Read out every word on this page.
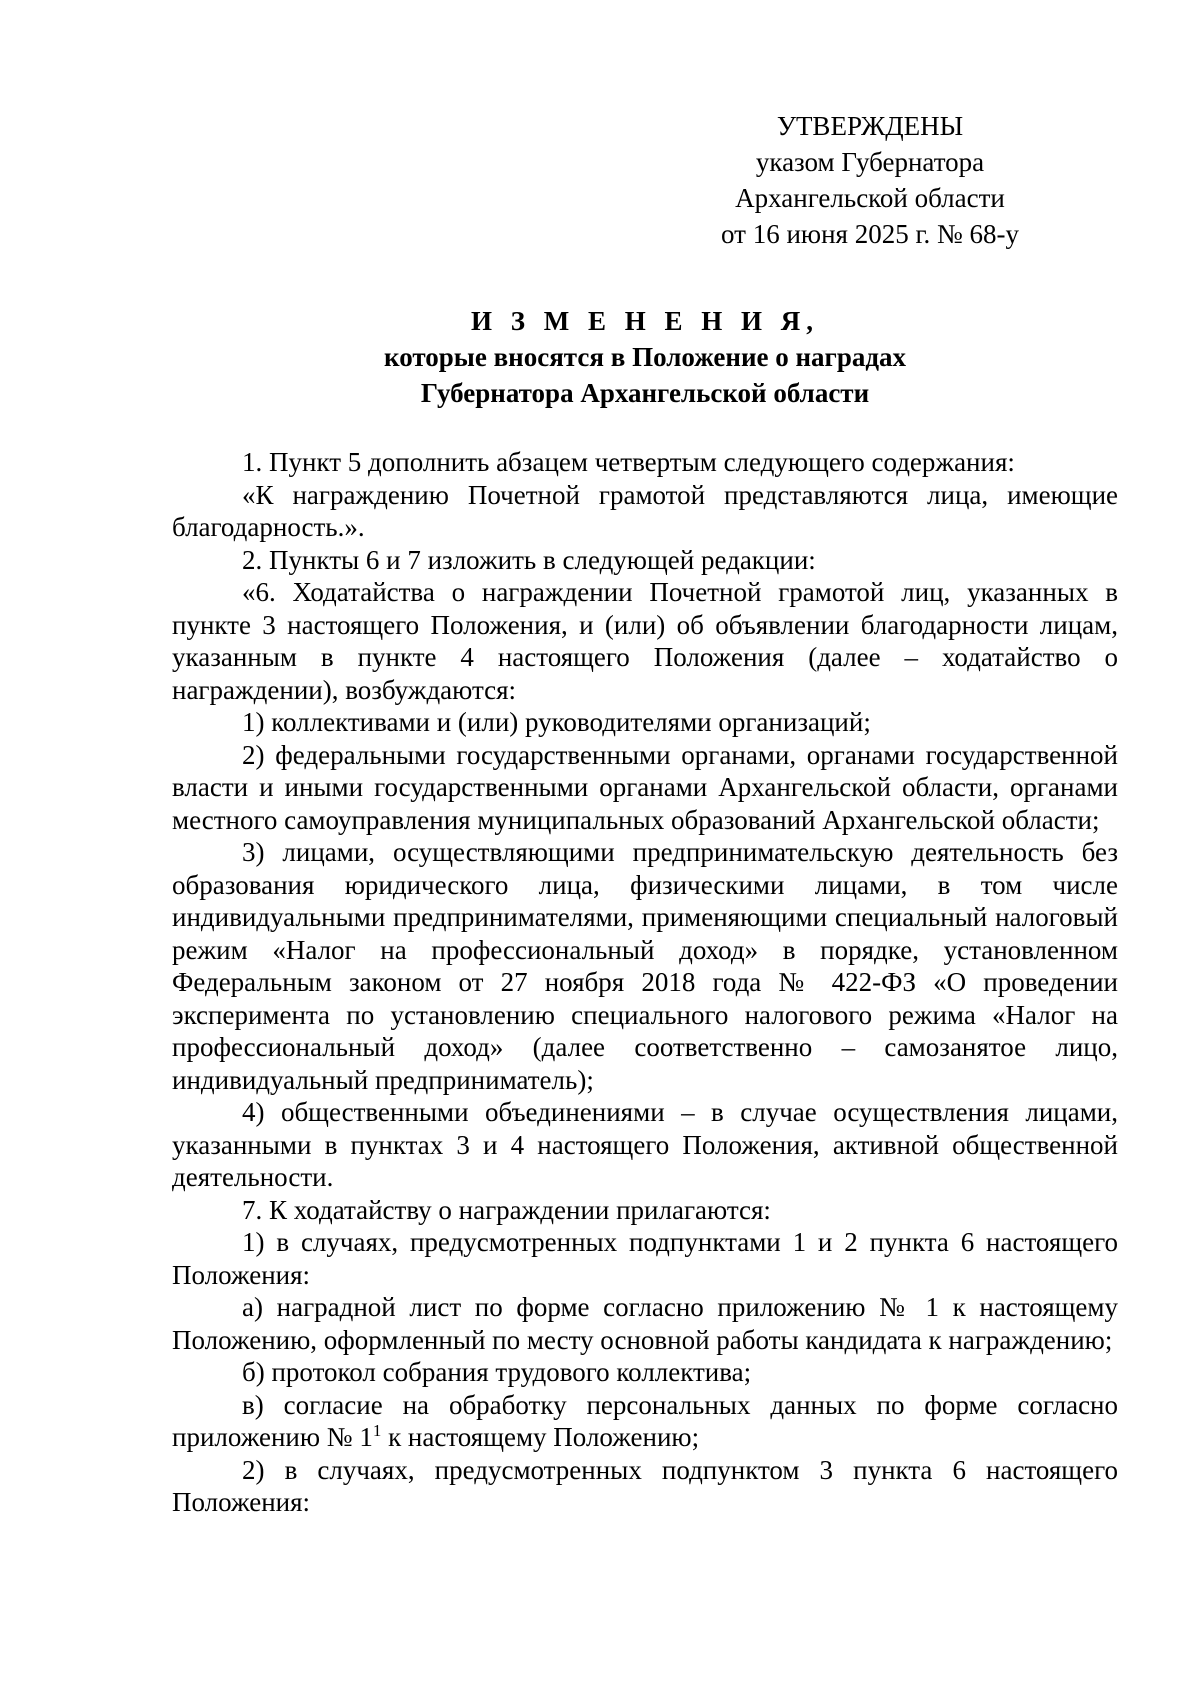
УТВЕРЖДЕНЫ
указом Губернатора
Архангельской области
от 16 июня 2025 г. № 68-у
И З М Е Н Е Н И Я,
которые вносятся в Положение о наградах
Губернатора Архангельской области

1. Пункт 5 дополнить абзацем четвертым следующего содержания:

«К награждению Почетной грамотой представляются лица, имеющие благодарность.».

2. Пункты 6 и 7 изложить в следующей редакции:

«6. Ходатайства о награждении Почетной грамотой лиц, указанных в пункте 3 настоящего Положения, и (или) об объявлении благодарности лицам, указанным в пункте 4 настоящего Положения (далее – ходатайство о награждении), возбуждаются:

1) коллективами и (или) руководителями организаций;

2) федеральными государственными органами, органами государственной власти и иными государственными органами Архангельской области, органами местного самоуправления муниципальных образований Архангельской области;

3) лицами, осуществляющими предпринимательскую деятельность без образования юридического лица, физическими лицами, в том числе индивидуальными предпринимателями, применяющими специальный налоговый режим «Налог на профессиональный доход» в порядке, установленном Федеральным законом от 27 ноября 2018 года № 422-ФЗ «О проведении эксперимента по установлению специального налогового режима «Налог на профессиональный доход» (далее соответственно – самозанятое лицо, индивидуальный предприниматель);

4) общественными объединениями – в случае осуществления лицами, указанными в пунктах 3 и 4 настоящего Положения, активной общественной деятельности.

7. К ходатайству о награждении прилагаются:

1) в случаях, предусмотренных подпунктами 1 и 2 пункта 6 настоящего Положения:

а) наградной лист по форме согласно приложению № 1 к настоящему Положению, оформленный по месту основной работы кандидата к награждению;

б) протокол собрания трудового коллектива;

в) согласие на обработку персональных данных по форме согласно приложению № $1^1$ к настоящему Положению;

2) в случаях, предусмотренных подпунктом 3 пункта 6 настоящего Положения:
